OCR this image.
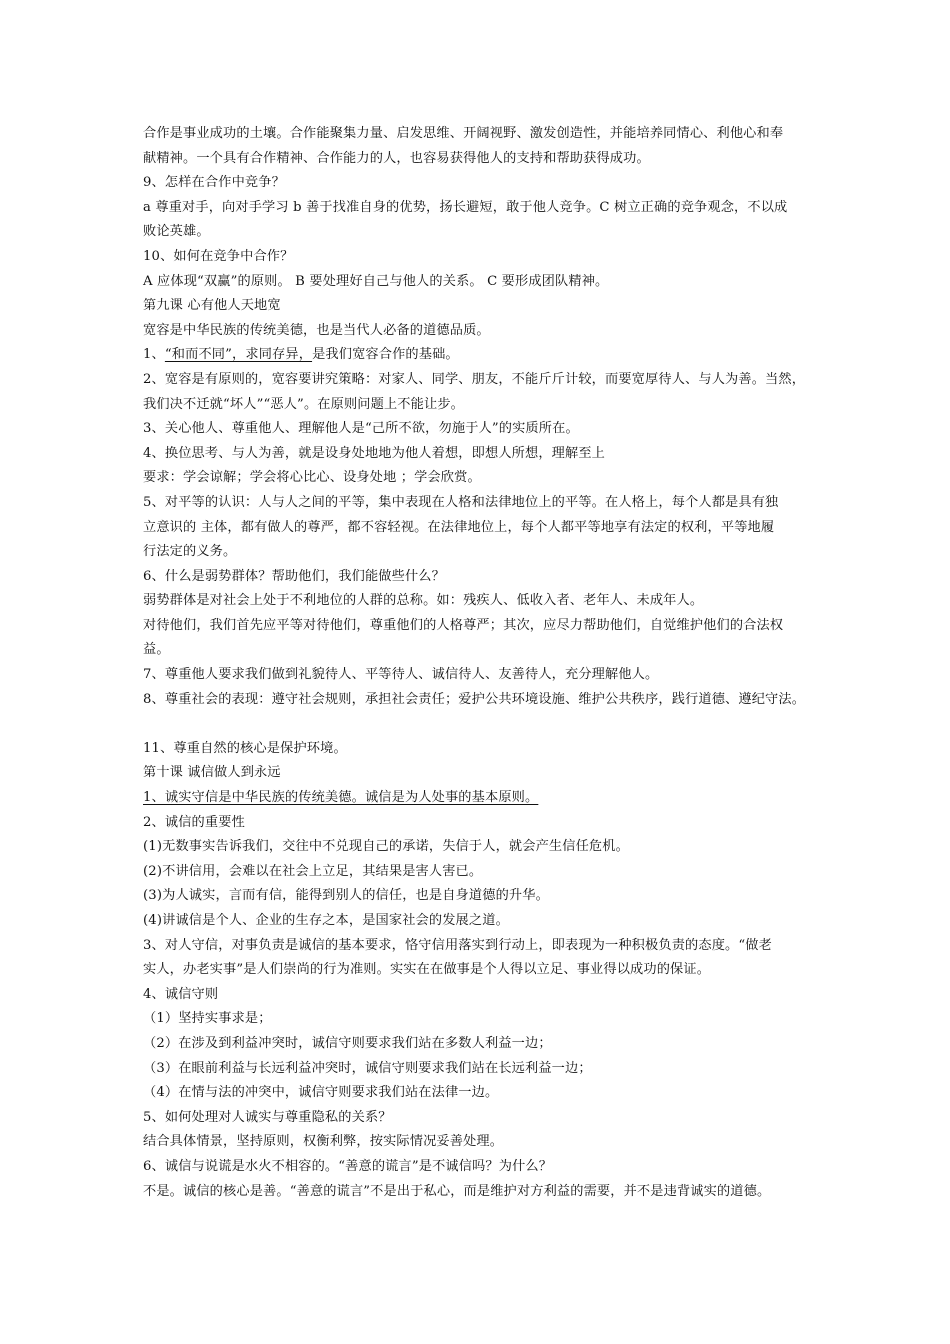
合作是事业成功的土壤。合作能聚集力量、启发思维、开阔视野、激发创造性，并能培养同情心、利他心和奉
献精神。一个具有合作精神、合作能力的人，也容易获得他人的支持和帮助获得成功。
9、怎样在合作中竞争？
a 尊重对手，向对手学习 b 善于找准自身的优势，扬长避短，敢于他人竞争。C 树立正确的竞争观念，不以成
败论英雄。
10、如何在竞争中合作？
A 应体现“双赢”的原则。 B 要处理好自己与他人的关系。 C 要形成团队精神。
第九课 心有他人天地宽
宽容是中华民族的传统美德，也是当代人必备的道德品质。
1、“和而不同”，求同存异，是我们宽容合作的基础。
2、宽容是有原则的，宽容要讲究策略：对家人、同学、朋友，不能斤斤计较，而要宽厚待人、与人为善。当然，
我们决不迁就“坏人”“恶人”。在原则问题上不能让步。
3、关心他人、尊重他人、理解他人是“己所不欲，勿施于人”的实质所在。
4、换位思考、与人为善，就是设身处地地为他人着想，即想人所想，理解至上
要求：学会谅解；学会将心比心、设身处地 ；学会欣赏。
5、对平等的认识：人与人之间的平等，集中表现在人格和法律地位上的平等。在人格上，每个人都是具有独
立意识的 主体，都有做人的尊严，都不容轻视。在法律地位上，每个人都平等地享有法定的权利，平等地履
行法定的义务。
6、什么是弱势群体？帮助他们，我们能做些什么？
弱势群体是对社会上处于不利地位的人群的总称。如：残疾人、低收入者、老年人、未成年人。
对待他们，我们首先应平等对待他们，尊重他们的人格尊严；其次，应尽力帮助他们，自觉维护他们的合法权
益。
7、尊重他人要求我们做到礼貌待人、平等待人、诚信待人、友善待人，充分理解他人。
8、尊重社会的表现：遵守社会规则，承担社会责任；爱护公共环境设施、维护公共秩序，践行道德、遵纪守法。
11、尊重自然的核心是保护环境。
第十课 诚信做人到永远
1、诚实守信是中华民族的传统美德。诚信是为人处事的基本原则。
2、诚信的重要性
(1)无数事实告诉我们，交往中不兑现自己的承诺，失信于人，就会产生信任危机。
(2)不讲信用，会难以在社会上立足，其结果是害人害已。
(3)为人诚实，言而有信，能得到别人的信任，也是自身道德的升华。
(4)讲诚信是个人、企业的生存之本，是国家社会的发展之道。
3、对人守信，对事负责是诚信的基本要求，恪守信用落实到行动上，即表现为一种积极负责的态度。“做老
实人，办老实事”是人们崇尚的行为准则。实实在在做事是个人得以立足、事业得以成功的保证。
4、诚信守则
（1）坚持实事求是；
（2）在涉及到利益冲突时，诚信守则要求我们站在多数人利益一边；
（3）在眼前利益与长远利益冲突时，诚信守则要求我们站在长远利益一边；
（4）在情与法的冲突中，诚信守则要求我们站在法律一边。
5、如何处理对人诚实与尊重隐私的关系？
结合具体情景，坚持原则，权衡利弊，按实际情况妥善处理。
6、诚信与说谎是水火不相容的。“善意的谎言”是不诚信吗？为什么？
不是。诚信的核心是善。“善意的谎言”不是出于私心，而是维护对方利益的需要，并不是违背诚实的道德。
